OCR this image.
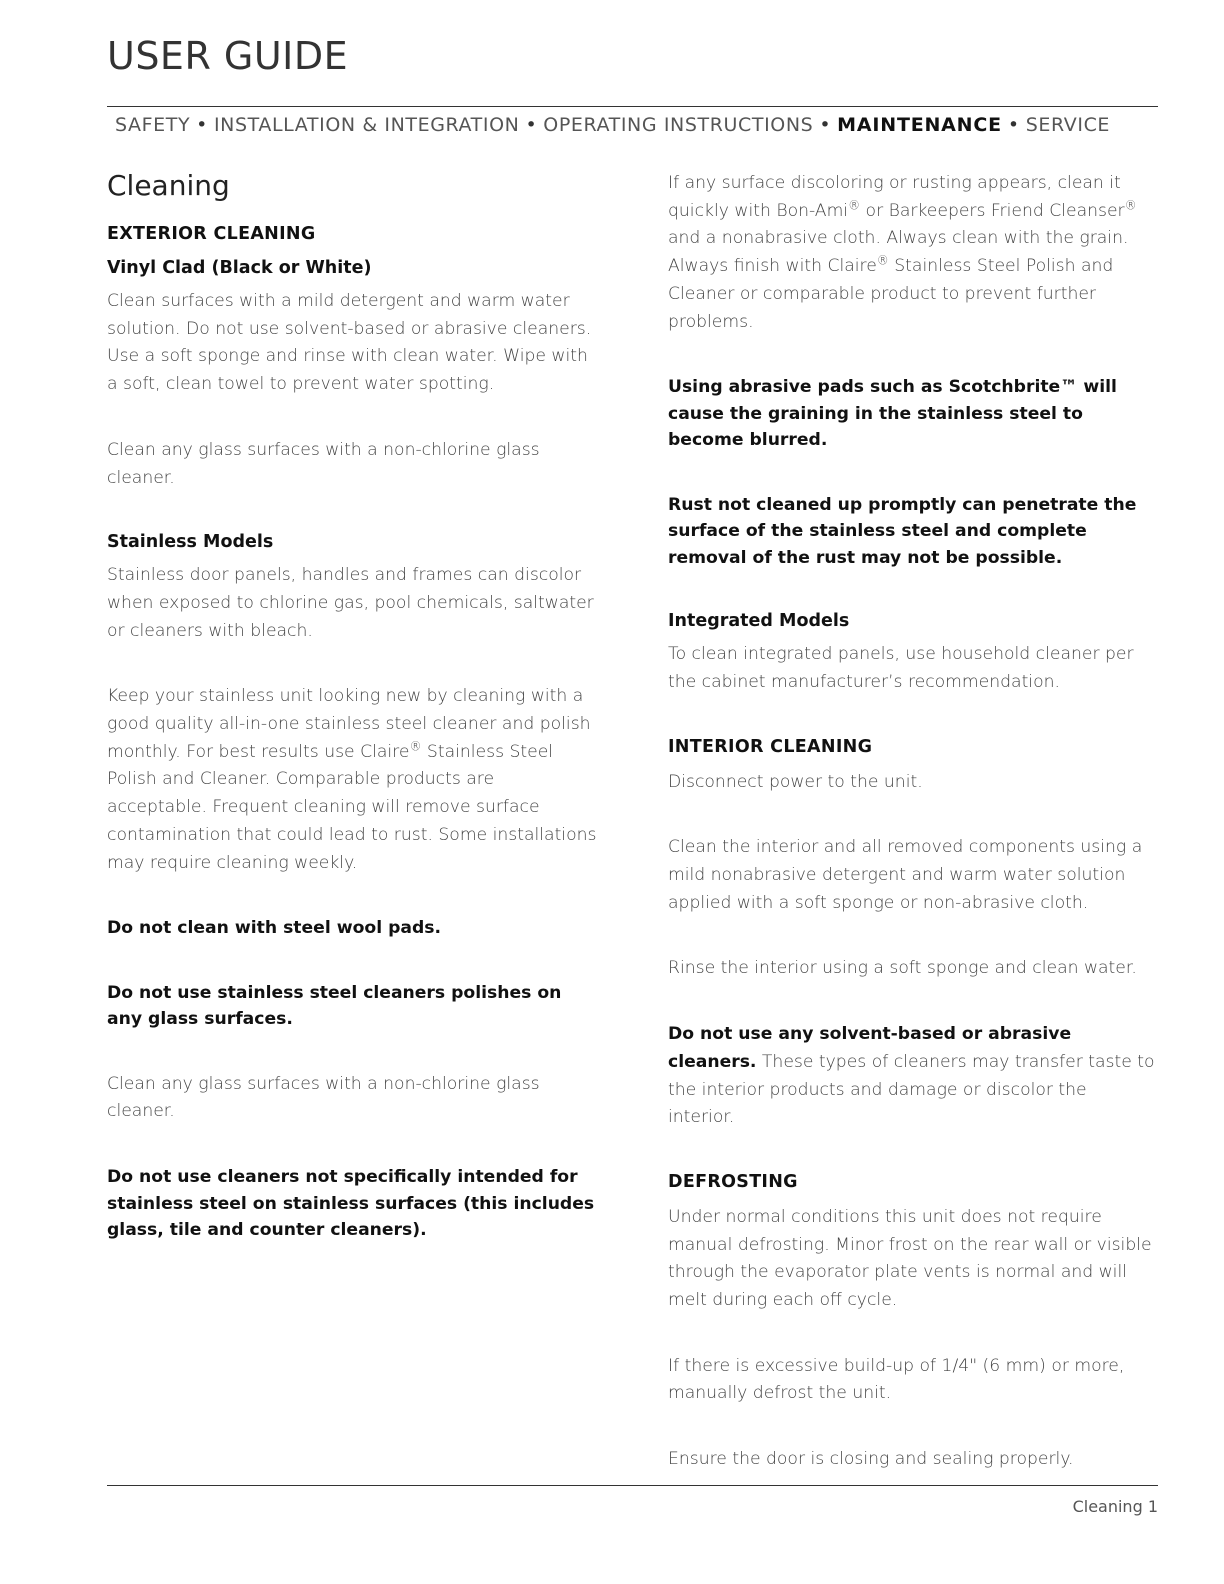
USER GUIDE
SAFETY • INSTALLATION & INTEGRATION • OPERATING INSTRUCTIONS • MAINTENANCE • SERVICE
Cleaning
EXTERIOR CLEANING
Vinyl Clad (Black or White)

Clean surfaces with a mild detergent and warm water solution. Do not use solvent-based or abrasive cleaners. Use a soft sponge and rinse with clean water. Wipe with a soft, clean towel to prevent water spotting.

Clean any glass surfaces with a non-chlorine glass cleaner.

Stainless Models

Stainless door panels, handles and frames can discolor when exposed to chlorine gas, pool chemicals, saltwater or cleaners with bleach.

Keep your stainless unit looking new by cleaning with a good quality all-in-one stainless steel cleaner and polish monthly. For best results use Claire® Stainless Steel Polish and Cleaner. Comparable products are acceptable. Frequent cleaning will remove surface contamination that could lead to rust. Some installations may require cleaning weekly.

Do not clean with steel wool pads.

Do not use stainless steel cleaners polishes on any glass surfaces.

Clean any glass surfaces with a non-chlorine glass cleaner.

Do not use cleaners not specifically intended for stainless steel on stainless surfaces (this includes glass, tile and counter cleaners).

If any surface discoloring or rusting appears, clean it quickly with Bon-Ami® or Barkeepers Friend Cleanser® and a nonabrasive cloth. Always clean with the grain. Always finish with Claire® Stainless Steel Polish and Cleaner or comparable product to prevent further problems.

Using abrasive pads such as Scotchbrite™ will cause the graining in the stainless steel to become blurred.

Rust not cleaned up promptly can penetrate the surface of the stainless steel and complete removal of the rust may not be possible.

Integrated Models

To clean integrated panels, use household cleaner per the cabinet manufacturer’s recommendation.

INTERIOR CLEANING

Disconnect power to the unit.

Clean the interior and all removed components using a mild nonabrasive detergent and warm water solution applied with a soft sponge or non-abrasive cloth.

Rinse the interior using a soft sponge and clean water.

Do not use any solvent-based or abrasive cleaners. These types of cleaners may transfer taste to the interior products and damage or discolor the interior.

DEFROSTING

Under normal conditions this unit does not require manual defrosting. Minor frost on the rear wall or visible through the evaporator plate vents is normal and will melt during each off cycle.

If there is excessive build-up of 1/4" (6 mm) or more, manually defrost the unit.

Ensure the door is closing and sealing properly.

Cleaning 1
